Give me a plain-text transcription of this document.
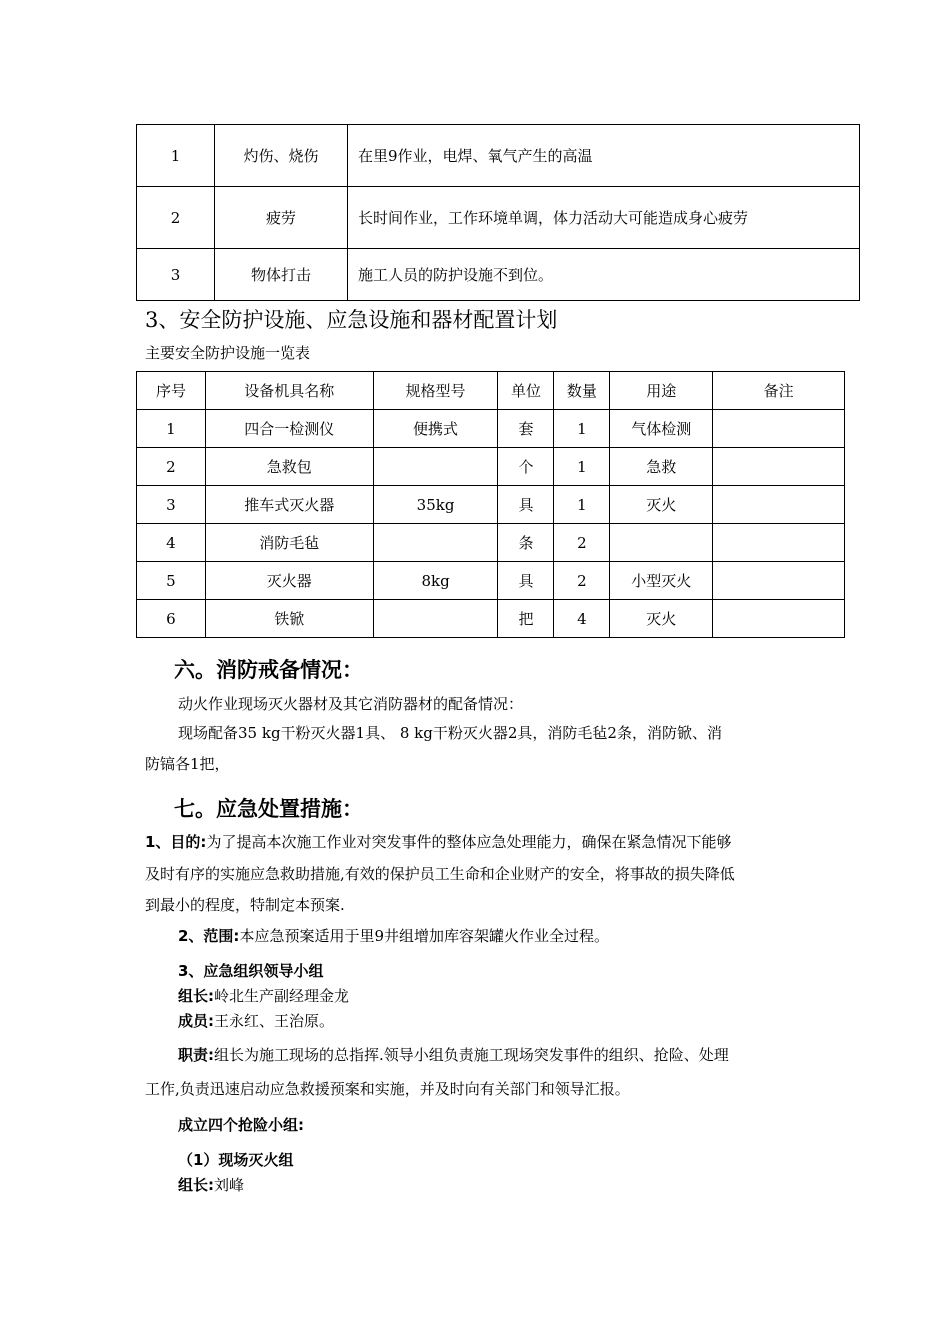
1	灼伤、烧伤	在里9作业，电焊、氧气产生的高温
2	疲劳	长时间作业，工作环境单调，体力活动大可能造成身心疲劳
3	物体打击	施工人员的防护设施不到位。
3、安全防护设施、应急设施和器材配置计划
主要安全防护设施一览表
序号	设备机具名称	规格型号	单位	数量	用途	备注
1	四合一检测仪	便携式	套	1	气体检测	
2	急救包		个	1	急救	
3	推车式灭火器	35kg	具	1	灭火	
4	消防毛毡		条	2		
5	灭火器	8kg	具	2	小型灭火	
6	铁锨		把	4	灭火	
六。消防戒备情况：
动火作业现场灭火器材及其它消防器材的配备情况：
现场配备35 kg干粉灭火器1具、 8 kg干粉灭火器2具，消防毛毡2条，消防锨、消
防镐各1把，
七。应急处置措施：
1、目的:为了提高本次施工作业对突发事件的整体应急处理能力，确保在紧急情况下能够
及时有序的实施应急救助措施,有效的保护员工生命和企业财产的安全，将事故的损失降低
到最小的程度，特制定本预案.
2、范围:本应急预案适用于里9井组增加库容架罐火作业全过程。
3、应急组织领导小组
组长:岭北生产副经理金龙
成员:王永红、王治原。
职责:组长为施工现场的总指挥.领导小组负责施工现场突发事件的组织、抢险、处理
工作,负责迅速启动应急救援预案和实施，并及时向有关部门和领导汇报。
成立四个抢险小组:
（1）现场灭火组
组长:刘峰
